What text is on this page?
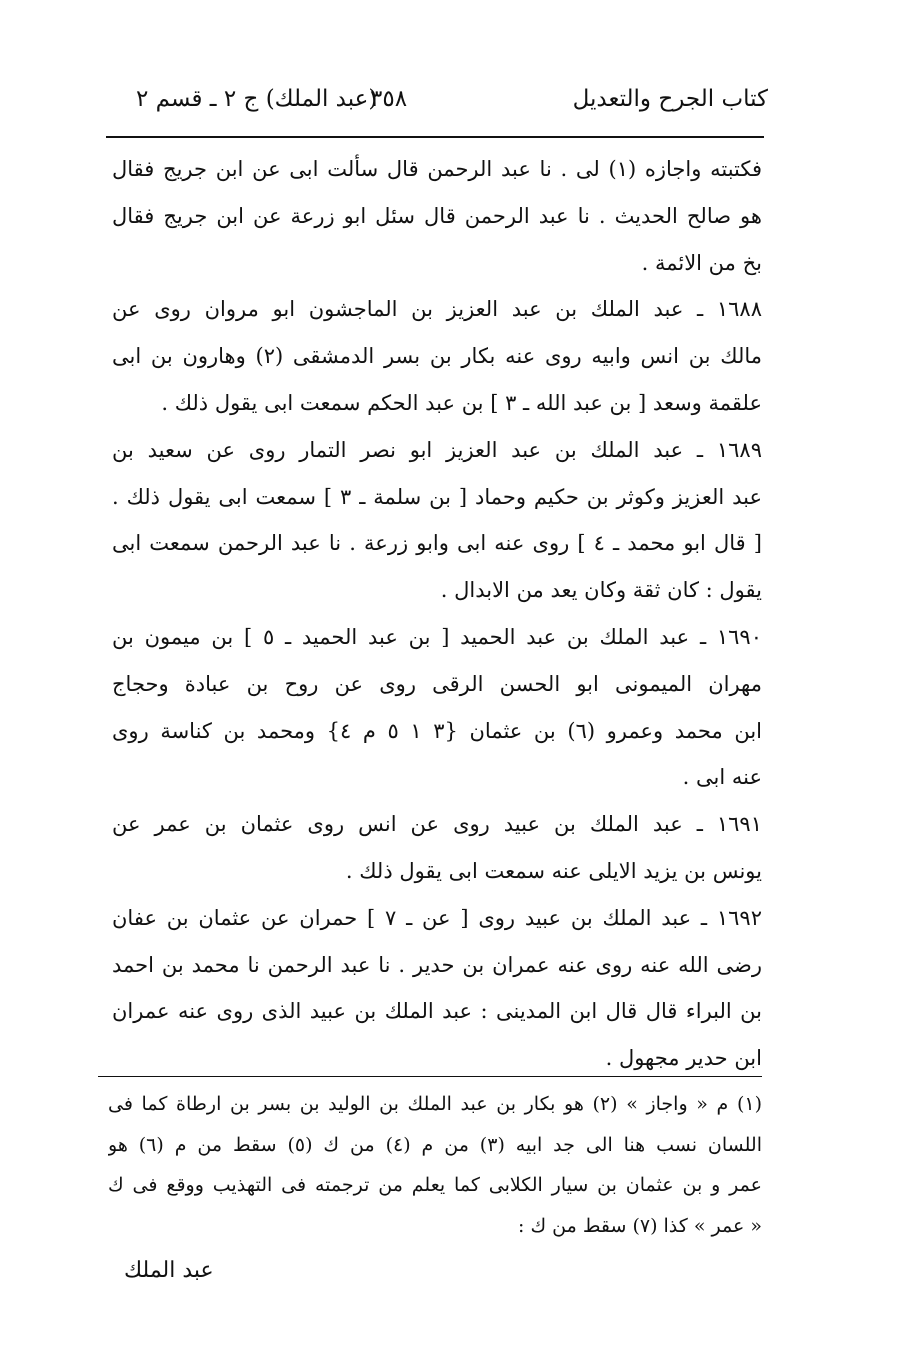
كتاب الجرح والتعديل
٣٥٨
(عبد الملك) ج ٢ ـ قسم ٢
فكتبته واجازه (١) لى . نا عبد الرحمن قال سألت ابى عن ابن جريج فقال
هو صالح الحديث . نا عبد الرحمن قال سئل ابو زرعة عن ابن جريج فقال
بخ من الائمة .
١٦٨٨ ـ عبد الملك بن عبد العزيز بن الماجشون ابو مروان روى عن
مالك بن انس وابيه روى عنه بكار بن بسر الدمشقى (٢) وهارون بن ابى
علقمة وسعد [ بن عبد الله ـ ٣ ] بن عبد الحكم سمعت ابى يقول ذلك .
١٦٨٩ ـ عبد الملك بن عبد العزيز ابو نصر التمار روى عن سعيد بن
عبد العزيز وكوثر بن حكيم وحماد [ بن سلمة ـ ٣ ] سمعت ابى يقول ذلك .
[ قال ابو محمد ـ ٤ ] روى عنه ابى وابو زرعة . نا عبد الرحمن سمعت ابى
يقول : كان ثقة وكان يعد من الابدال .
١٦٩٠ ـ عبد الملك بن عبد الحميد [ بن عبد الحميد ـ ٥ ] بن ميمون بن
مهران الميمونى ابو الحسن الرقى روى عن روح بن عبادة وحجاج
ابن محمد وعمرو (٦) بن عثمان {٣ ١ ٥ م ٤} ومحمد بن كناسة روى
عنه ابى .
١٦٩١ ـ عبد الملك بن عبيد روى عن انس روى عثمان بن عمر عن
يونس بن يزيد الايلى عنه سمعت ابى يقول ذلك .
١٦٩٢ ـ عبد الملك بن عبيد روى [ عن ـ ٧ ] حمران عن عثمان بن عفان
رضى الله عنه روى عنه عمران بن حدير . نا عبد الرحمن نا محمد بن احمد
بن البراء قال قال ابن المدينى : عبد الملك بن عبيد الذى روى عنه عمران
ابن حدير مجهول .
(١) م « واجاز » (٢) هو بكار بن عبد الملك بن الوليد بن بسر بن ارطاة كما فى
اللسان نسب هنا الى جد ابيه (٣) من م (٤) من ك (٥) سقط من م (٦) هو
عمر و بن عثمان بن سيار الكلابى كما يعلم من ترجمته فى التهذيب ووقع فى ك
« عمر » كذا (٧) سقط من ك :
عبد الملك
